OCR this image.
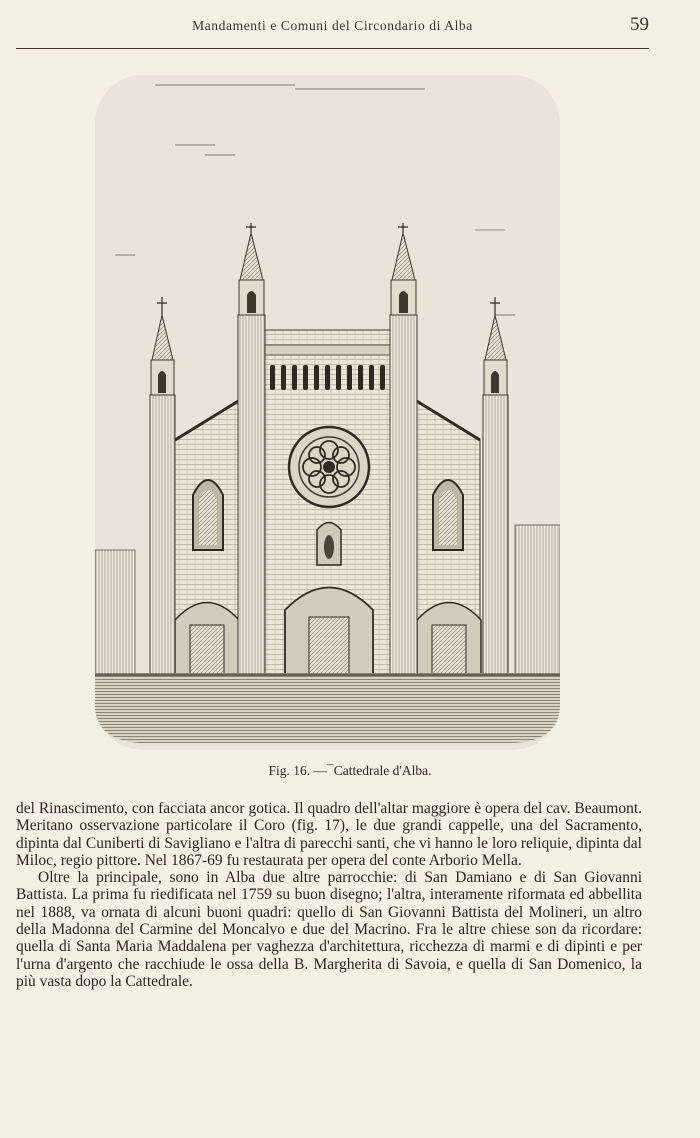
Mandamenti e Comuni del Circondario di Alba	59
Fig. 16. —¯Cattedrale d'Alba.

del Rinascimento, con facciata ancor gotica. Il quadro dell'altar maggiore è opera del cav. Beaumont. Meritano osservazione particolare il Coro (fig. 17), le due grandi cappelle, una del Sacramento, dipinta dal Cuniberti di Savigliano e l'altra di parecchi santi, che vi hanno le loro reliquie, dipinta dal Miloc, regio pittore. Nel 1867-69 fu restaurata per opera del conte Arborio Mella.

Oltre la principale, sono in Alba due altre parrocchie: di San Damiano e di San Giovanni Battista. La prima fu riedificata nel 1759 su buon disegno; l'altra, interamente riformata ed abbellita nel 1888, va ornata di alcuni buoni quadri: quello di San Giovanni Battista del Molineri, un altro della Madonna del Carmine del Moncalvo e due del Macrino. Fra le altre chiese son da ricordare: quella di Santa Maria Maddalena per vaghezza d'architettura, ricchezza di marmi e di dipinti e per l'urna d'argento che racchiude le ossa della B. Margherita di Savoia, e quella di San Domenico, la più vasta dopo la Cattedrale.
